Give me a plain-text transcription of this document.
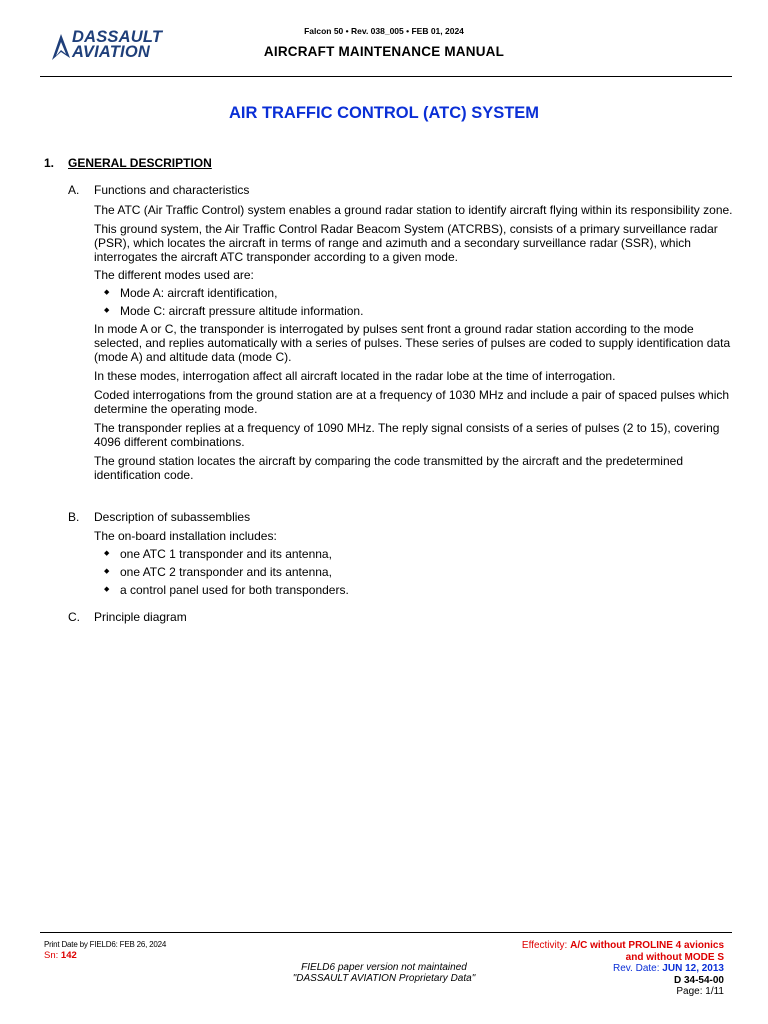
DASSAULT
AVIATION
Falcon 50 • Rev. 038_005 • FEB 01, 2024
AIRCRAFT MAINTENANCE MANUAL
AIR TRAFFIC CONTROL (ATC) SYSTEM
1. GENERAL DESCRIPTION
A. Functions and characteristics

The ATC (Air Traffic Control) system enables a ground radar station to identify aircraft flying within its responsibility zone.

This ground system, the Air Traffic Control Radar Beacom System (ATCRBS), consists of a primary surveillance radar (PSR), which locates the aircraft in terms of range and azimuth and a secondary surveillance radar (SSR), which interrogates the aircraft ATC transponder according to a given mode.

The different modes used are:

◆ Mode A: aircraft identification,

◆ Mode C: aircraft pressure altitude information.

In mode A or C, the transponder is interrogated by pulses sent front a ground radar station according to the mode selected, and replies automatically with a series of pulses. These series of pulses are coded to supply identification data (mode A) and altitude data (mode C).

In these modes, interrogation affect all aircraft located in the radar lobe at the time of interrogation.

Coded interrogations from the ground station are at a frequency of 1030 MHz and include a pair of spaced pulses which determine the operating mode.

The transponder replies at a frequency of 1090 MHz. The reply signal consists of a series of pulses (2 to 15), covering 4096 different combinations.

The ground station locates the aircraft by comparing the code transmitted by the aircraft and the predetermined identification code.

B. Description of subassemblies

The on-board installation includes:

◆ one ATC 1 transponder and its antenna,

◆ one ATC 2 transponder and its antenna,

◆ a control panel used for both transponders.

C. Principle diagram
Print Date by FIELD6: FEB 26, 2024
Sn: 142
FIELD6 paper version not maintained
"DASSAULT AVIATION Proprietary Data"
Effectivity: A/C without PROLINE 4 avionics
and without MODE S
Rev. Date: JUN 12, 2013
D 34-54-00
Page: 1/11
